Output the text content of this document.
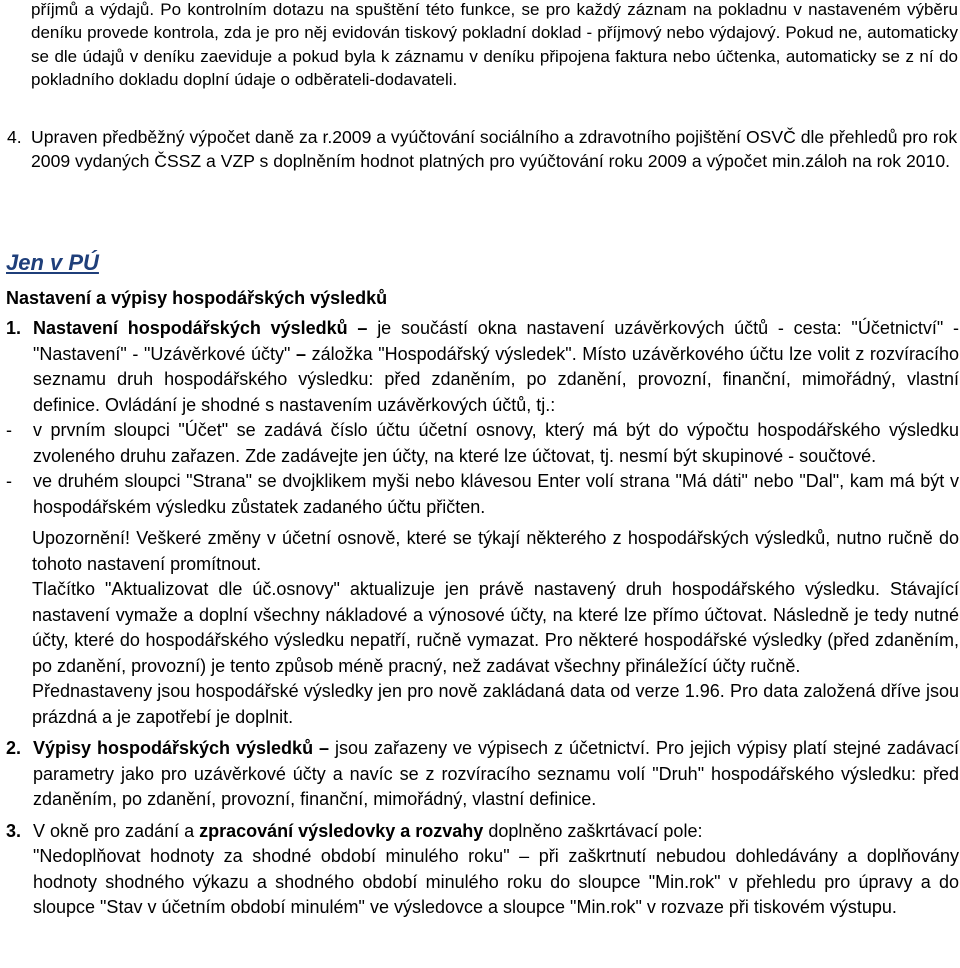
příjmů a výdajů. Po kontrolním dotazu na spuštění této funkce, se pro každý záznam na pokladnu v nastaveném výběru deníku provede kontrola, zda je pro něj evidován tiskový pokladní doklad - příjmový nebo výdajový. Pokud ne, automaticky se dle údajů v deníku zaeviduje a pokud byla k záznamu v deníku připojena faktura nebo účtenka, automaticky se z ní do pokladního dokladu doplní údaje o odběrateli-dodavateli.

4. Upraven předběžný výpočet daně za r.2009 a vyúčtování sociálního a zdravotního pojištění OSVČ dle přehledů pro rok 2009 vydaných ČSSZ a VZP s doplněním hodnot platných pro vyúčtování roku 2009 a výpočet min.záloh na rok 2010.
Jen v PÚ
Nastavení a výpisy hospodářských výsledků
1. Nastavení hospodářských výsledků – je součástí okna nastavení uzávěrkových účtů - cesta: "Účetnictví" - "Nastavení" - "Uzávěrkové účty" – záložka "Hospodářský výsledek". Místo uzávěrkového účtu lze volit z rozvíracího seznamu druh hospodářského výsledku: před zdaněním, po zdanění, provozní, finanční, mimořádný, vlastní definice. Ovládání je shodné s nastavením uzávěrkových účtů, tj.:
- v prvním sloupci "Účet" se zadává číslo účtu účetní osnovy, který má být do výpočtu hospodářského výsledku zvoleného druhu zařazen. Zde zadávejte jen účty, na které lze účtovat, tj. nesmí být skupinové - součtové.
- ve druhém sloupci "Strana" se dvojklikem myši nebo klávesou Enter volí strana "Má dáti" nebo "Dal", kam má být v hospodářském výsledku zůstatek zadaného účtu přičten.
Upozornění! Veškeré změny v účetní osnově, které se týkají některého z hospodářských výsledků, nutno ručně do tohoto nastavení promítnout.
Tlačítko "Aktualizovat dle úč.osnovy" aktualizuje jen právě nastavený druh hospodářského výsledku. Stávající nastavení vymaže a doplní všechny nákladové a výnosové účty, na které lze přímo účtovat. Následně je tedy nutné účty, které do hospodářského výsledku nepatří, ručně vymazat. Pro některé hospodářské výsledky (před zdaněním, po zdanění, provozní) je tento způsob méně pracný, než zadávat všechny přináležící účty ručně.
Přednastaveny jsou hospodářské výsledky jen pro nově zakládaná data od verze 1.96. Pro data založená dříve jsou prázdná a je zapotřebí je doplnit.
2. Výpisy hospodářských výsledků – jsou zařazeny ve výpisech z účetnictví. Pro jejich výpisy platí stejné zadávací parametry jako pro uzávěrkové účty a navíc se z rozvíracího seznamu volí "Druh" hospodářského výsledku: před zdaněním, po zdanění, provozní, finanční, mimořádný, vlastní definice.
3. V okně pro zadání a zpracování výsledovky a rozvahy doplněno zaškrtávací pole:
"Nedoplňovat hodnoty za shodné období minulého roku" – při zaškrtnutí nebudou dohledávány a doplňovány hodnoty shodného výkazu a shodného období minulého roku do sloupce "Min.rok" v přehledu pro úpravy a do sloupce "Stav v účetním období minulém" ve výsledovce a sloupce "Min.rok" v rozvaze při tiskovém výstupu.
